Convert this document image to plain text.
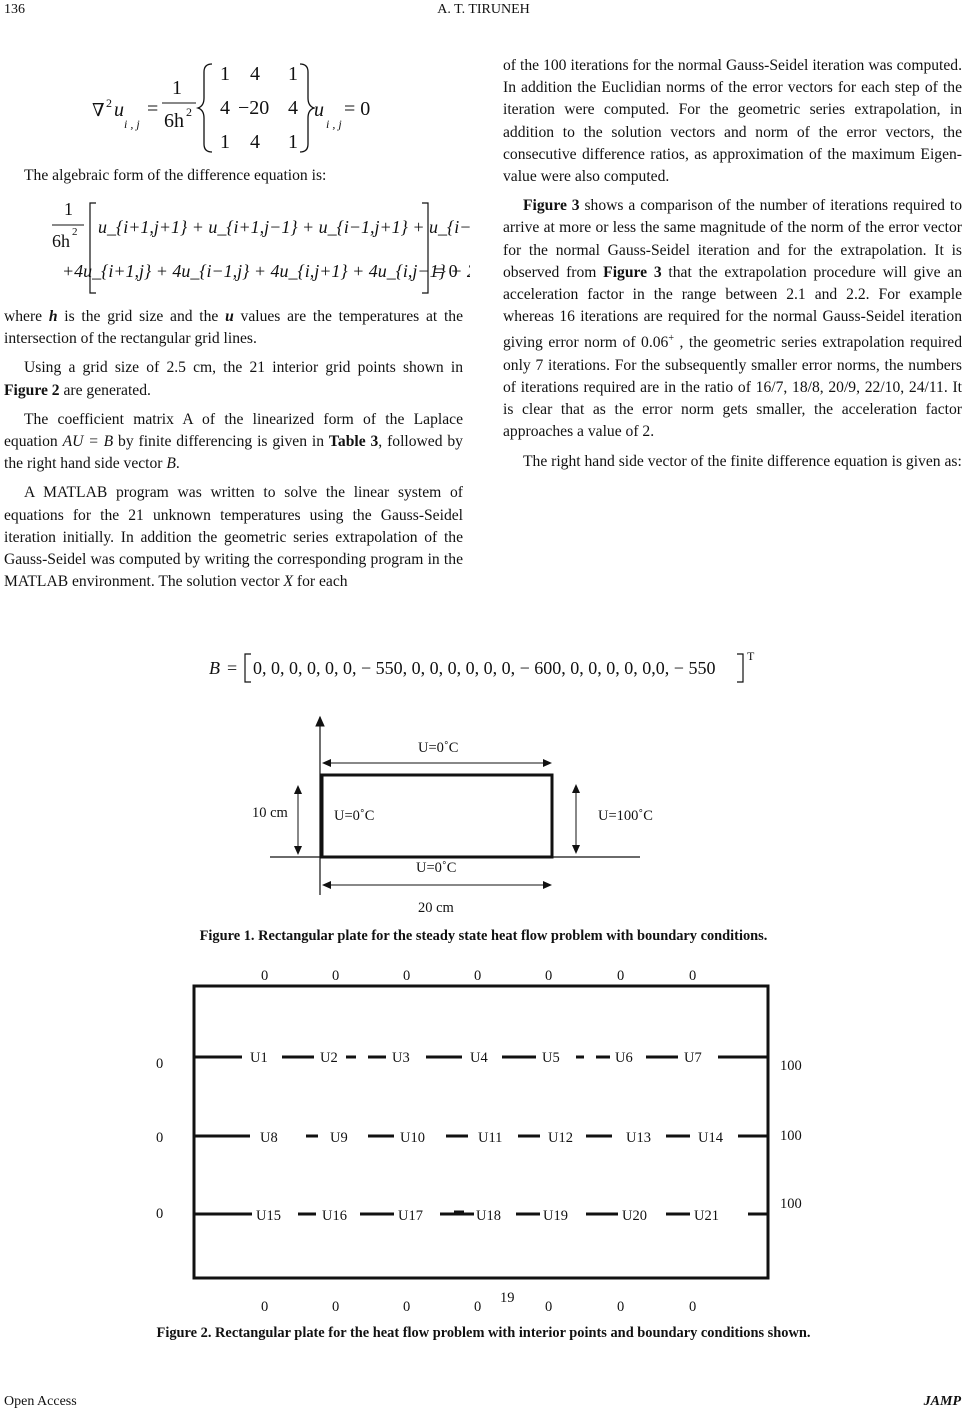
136	A. T. TIRUNEH
∇ 2 u
i , j
=
1
6h 2
1 4 1
4 −20 4
1 4 1
u
i , j
= 0

The algebraic form of the difference equation is:

1
6h 2 u_{i+1,j+1} + u_{i+1,j−1} + u_{i−1,j+1} + u_{i−
+4u_{i+1,j} + 4u_{i−1,j} + 4u_{i,j+1} + 4u_{i,j−1} −
= 0

where h is the grid size and the u values are the temperatures at the intersection of the rectangular grid lines.

Using a grid size of 2.5 cm, the 21 interior grid points shown in Figure 2 are generated.

The coefficient matrix A of the linearized form of the Laplace equation AU = B by finite differencing is given in Table 3, followed by the right hand side vector B.

A MATLAB program was written to solve the linear system of equations for the 21 unknown temperatures using the Gauss-Seidel iteration initially. In addition the geometric series extrapolation of the Gauss-Seidel was computed by writing the corresponding program in the MATLAB environment. The solution vector X for each

of the 100 iterations for the normal Gauss-Seidel iteration was computed. In addition the Euclidian norms of the error vectors for each step of the iteration were computed. For the geometric series extrapolation, in addition to the solution vectors and norm of the error vectors, the consecutive difference ratios, as approximation of the maximum Eigen-value were also computed.

Figure 3 shows a comparison of the number of iterations required to arrive at more or less the same magnitude of the norm of the error vector for the normal Gauss-Seidel iteration and for the extrapolation. It is observed from Figure 3 that the extrapolation procedure will give an acceleration factor in the range between 2.1 and 2.2. For example whereas 16 iterations are required for the normal Gauss-Seidel iteration giving error norm of 0.06+ , the geometric series extrapolation required only 7 iterations. For the subsequently smaller error norms, the numbers of iterations required are in the ratio of 16/7, 18/8, 20/9, 22/10, 24/11. It is clear that as the error norm gets smaller, the acceleration factor approaches a value of 2.

The right hand side vector of the finite difference equation is given as:

B = 0, 0, 0, 0, 0, 0, − 550, 0, 0, 0, 0, 0, 0, − 600, 0, 0, 0, 0, 0,0, − 550
T
U=0˚C
U=0˚C	U=100˚C
10 cm
U=0˚C
20 cm
Figure 1. Rectangular plate for the steady state heat flow problem with boundary conditions.
0	0	0	0	0	0	0
0
0
0
100
100
100
U1	U2	U3	U4	U5	U6	U7
U8	U9	U10	U11	U12	U13	U14
U15	U16	U17	U18	U19	U20	U21
19
0	0	0	0	0	0	0
Figure 2. Rectangular plate for the heat flow problem with interior points and boundary conditions shown.
Open Access	JAMP
